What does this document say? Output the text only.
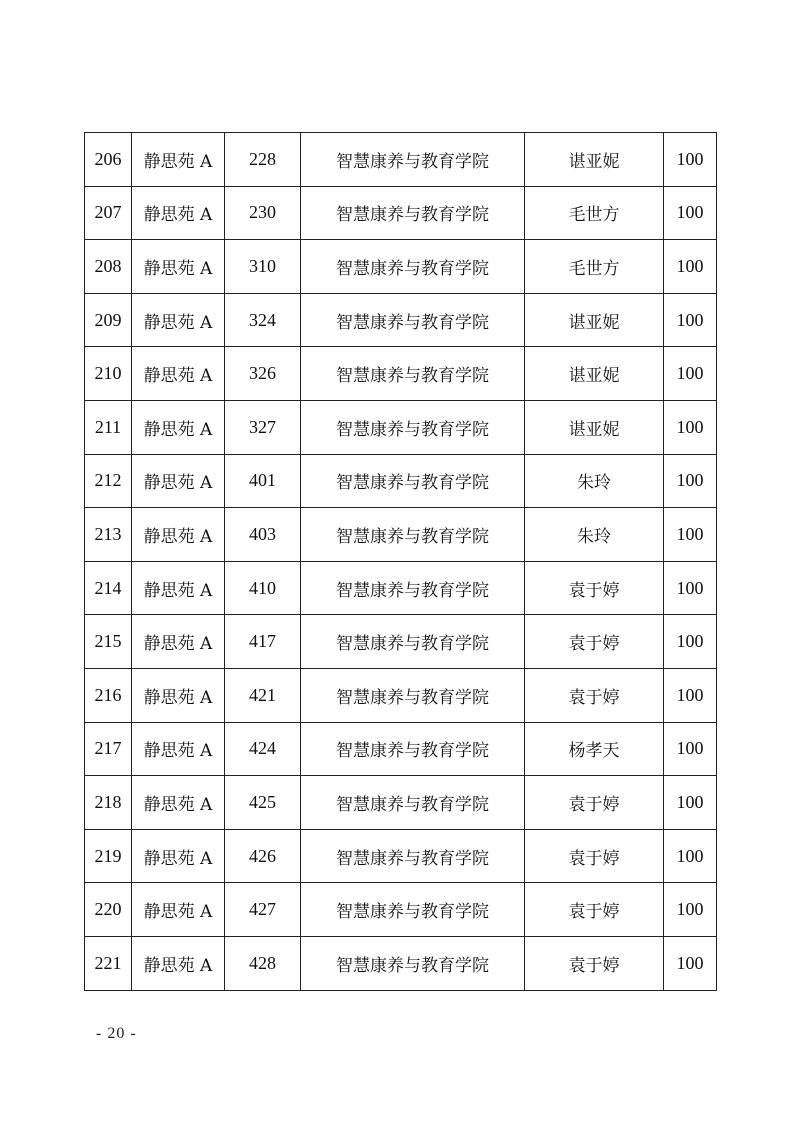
206	静思苑 A	228	智慧康养与教育学院	谌亚妮	100
207	静思苑 A	230	智慧康养与教育学院	毛世方	100
208	静思苑 A	310	智慧康养与教育学院	毛世方	100
209	静思苑 A	324	智慧康养与教育学院	谌亚妮	100
210	静思苑 A	326	智慧康养与教育学院	谌亚妮	100
211	静思苑 A	327	智慧康养与教育学院	谌亚妮	100
212	静思苑 A	401	智慧康养与教育学院	朱玲	100
213	静思苑 A	403	智慧康养与教育学院	朱玲	100
214	静思苑 A	410	智慧康养与教育学院	袁于婷	100
215	静思苑 A	417	智慧康养与教育学院	袁于婷	100
216	静思苑 A	421	智慧康养与教育学院	袁于婷	100
217	静思苑 A	424	智慧康养与教育学院	杨孝天	100
218	静思苑 A	425	智慧康养与教育学院	袁于婷	100
219	静思苑 A	426	智慧康养与教育学院	袁于婷	100
220	静思苑 A	427	智慧康养与教育学院	袁于婷	100
221	静思苑 A	428	智慧康养与教育学院	袁于婷	100
- 20 -
